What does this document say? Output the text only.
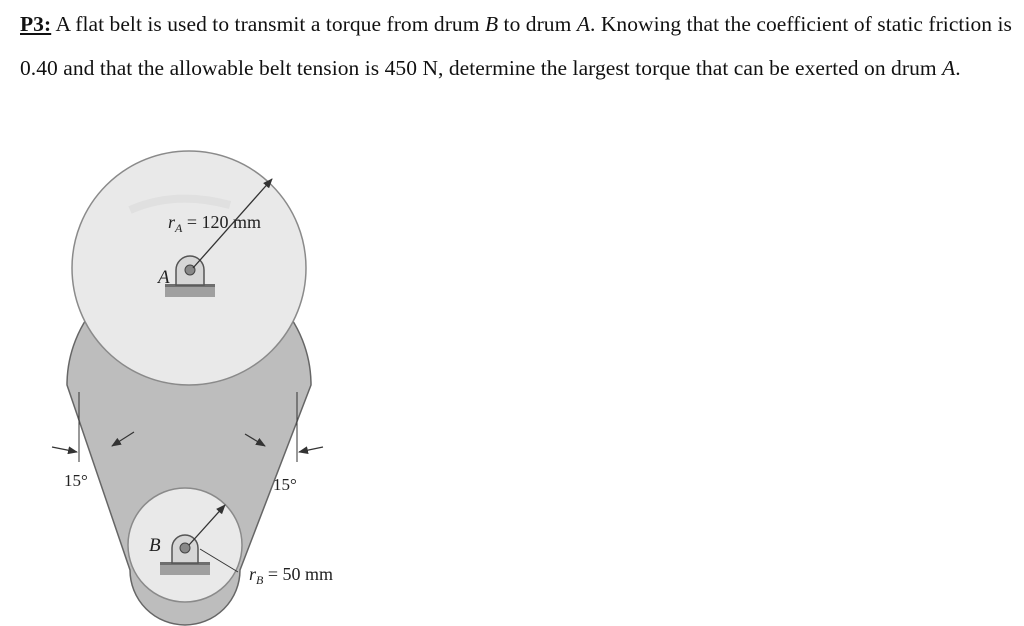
P3: A flat belt is used to transmit a torque from drum B to drum A. Knowing that the coefficient of static friction is 0.40 and that the allowable belt tension is 450 N, determine the largest torque that can be exerted on drum A.

A
B
$r_A = 120$ mm
$r_B = 50$ mm
15°	15°
